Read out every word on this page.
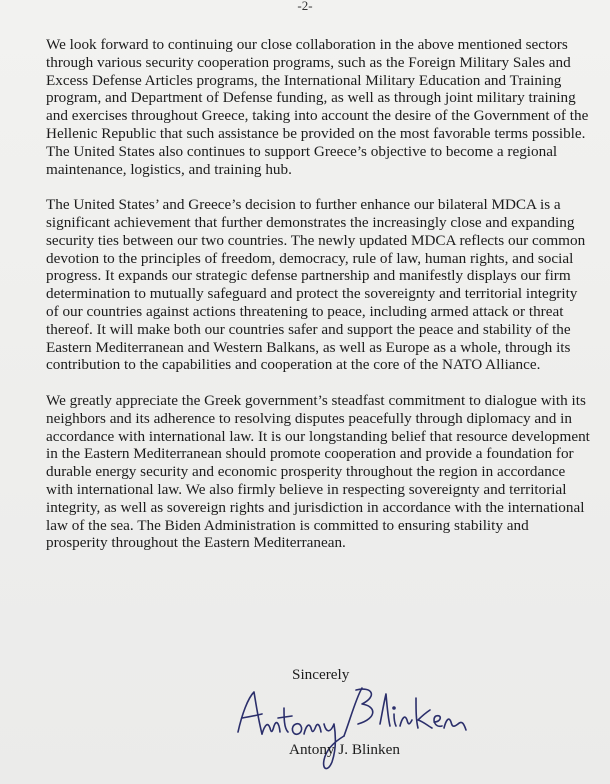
-2-

We look forward to continuing our close collaboration in the above mentioned sectors through various security cooperation programs, such as the Foreign Military Sales and Excess Defense Articles programs, the International Military Education and Training program, and Department of Defense funding, as well as through joint military training and exercises throughout Greece, taking into account the desire of the Government of the Hellenic Republic that such assistance be provided on the most favorable terms possible. The United States also continues to support Greece’s objective to become a regional maintenance, logistics, and training hub.

The United States’ and Greece’s decision to further enhance our bilateral MDCA is a significant achievement that further demonstrates the increasingly close and expanding security ties between our two countries. The newly updated MDCA reflects our common devotion to the principles of freedom, democracy, rule of law, human rights, and social progress. It expands our strategic defense partnership and manifestly displays our firm determination to mutually safeguard and protect the sovereignty and territorial integrity of our countries against actions threatening to peace, including armed attack or threat thereof. It will make both our countries safer and support the peace and stability of the Eastern Mediterranean and Western Balkans, as well as Europe as a whole, through its contribution to the capabilities and cooperation at the core of the NATO Alliance.

We greatly appreciate the Greek government’s steadfast commitment to dialogue with its neighbors and its adherence to resolving disputes peacefully through diplomacy and in accordance with international law. It is our longstanding belief that resource development in the Eastern Mediterranean should promote cooperation and provide a foundation for durable energy security and economic prosperity throughout the region in accordance with international law. We also firmly believe in respecting sovereignty and territorial integrity, as well as sovereign rights and jurisdiction in accordance with the international law of the sea. The Biden Administration is committed to ensuring stability and prosperity throughout the Eastern Mediterranean.

Sincerely
Antony J. Blinken
